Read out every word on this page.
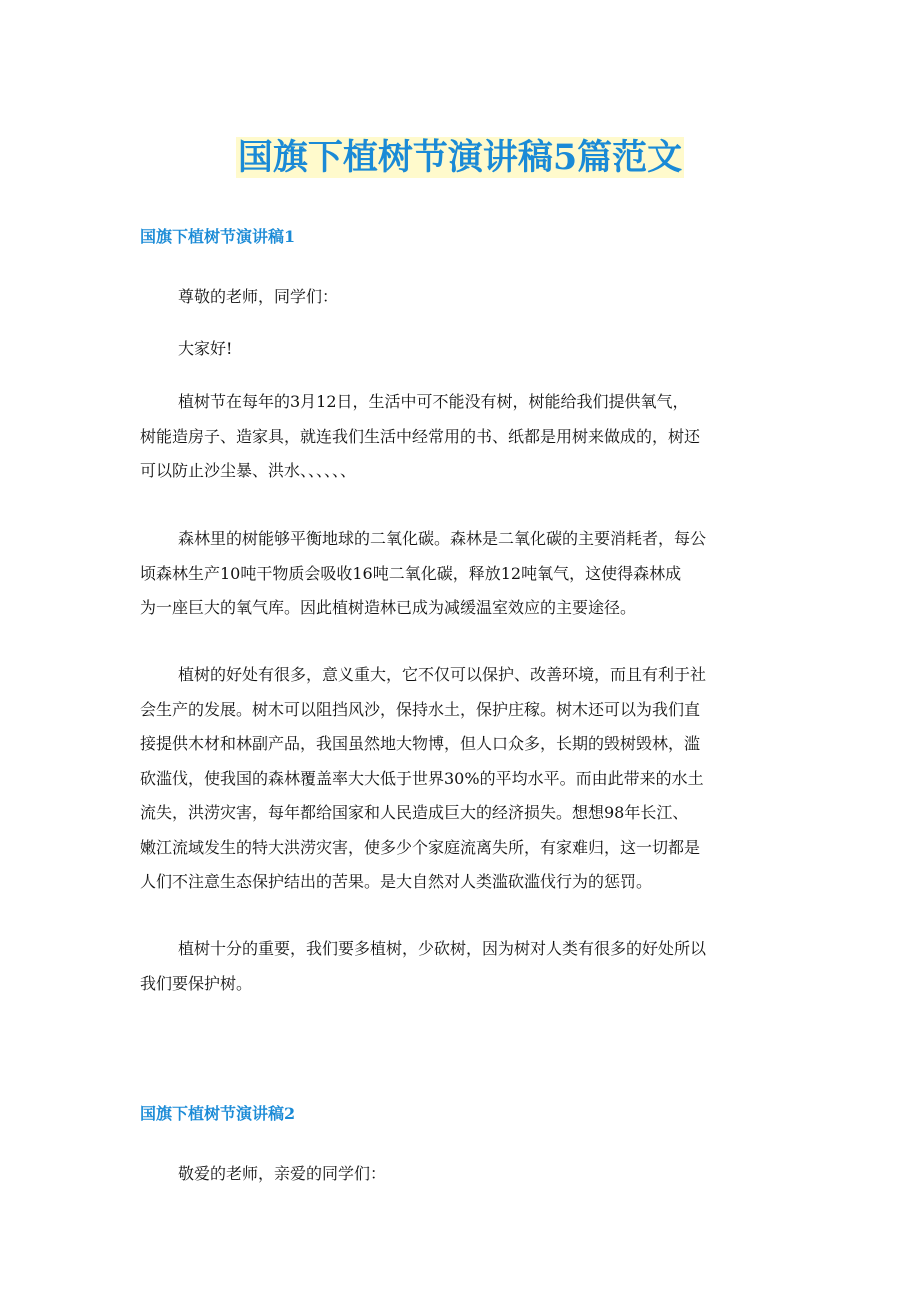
国旗下植树节演讲稿5篇范文
国旗下植树节演讲稿1

尊敬的老师，同学们：

大家好!

植树节在每年的3月12日，生活中可不能没有树，树能给我们提供氧气，
树能造房子、造家具，就连我们生活中经常用的书、纸都是用树来做成的，树还
可以防止沙尘暴、洪水、、、、、、

森林里的树能够平衡地球的二氧化碳。森林是二氧化碳的主要消耗者，每公
顷森林生产10吨干物质会吸收16吨二氧化碳，释放12吨氧气，这使得森林成
为一座巨大的氧气库。因此植树造林已成为减缓温室效应的主要途径。

植树的好处有很多，意义重大，它不仅可以保护、改善环境，而且有利于社
会生产的发展。树木可以阻挡风沙，保持水土，保护庄稼。树木还可以为我们直
接提供木材和林副产品，我国虽然地大物博，但人口众多，长期的毁树毁林，滥
砍滥伐，使我国的森林覆盖率大大低于世界30%的平均水平。而由此带来的水土
流失，洪涝灾害，每年都给国家和人民造成巨大的经济损失。想想98年长江、
嫩江流域发生的特大洪涝灾害，使多少个家庭流离失所，有家难归，这一切都是
人们不注意生态保护结出的苦果。是大自然对人类滥砍滥伐行为的惩罚。

植树十分的重要，我们要多植树，少砍树，因为树对人类有很多的好处所以
我们要保护树。

国旗下植树节演讲稿2

敬爱的老师，亲爱的同学们：
